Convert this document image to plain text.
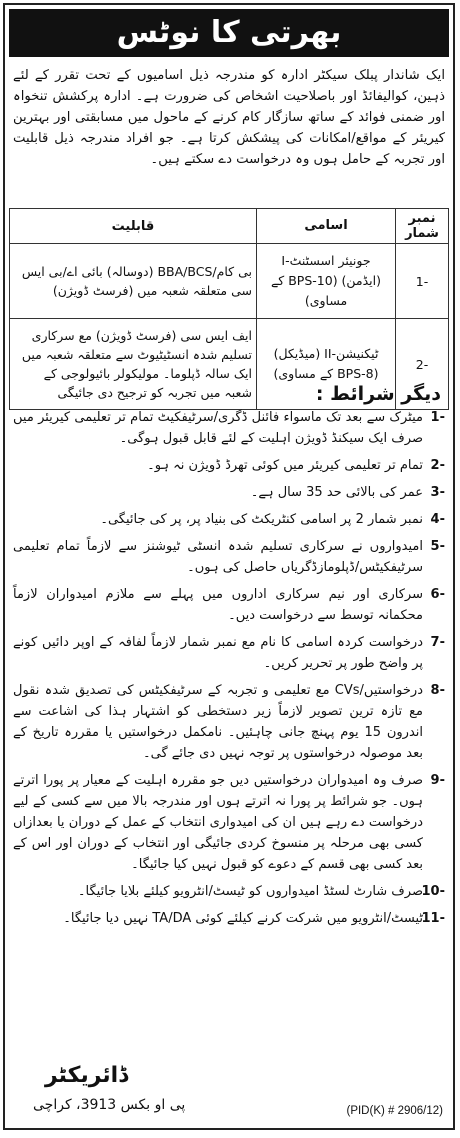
بھرتی کا نوٹس
ایک شاندار پبلک سیکٹر ادارہ کو مندرجہ ذیل اسامیوں کے تحت تقرر کے لئے ذہین، کوالیفائڈ اور باصلاحیت اشخاص کی ضرورت ہے۔ ادارہ پرکشش تنخواہ اور ضمنی فوائد کے ساتھ سازگار کام کرنے کے ماحول میں مسابقتی اور بہترین کیریئر کے مواقع/امکانات کی پیشکش کرتا ہے۔ جو افراد مندرجہ ذیل قابلیت اور تجربہ کے حامل ہوں وہ درخواست دے سکتے ہیں۔
نمبر شمار	اسامی	قابلیت
-1	جونیئر اسسٹنٹ-I (ایڈمن) (BPS-10 کے مساوی)	بی کام/BBA/BCS (دوسالہ) بائی اے/بی ایس سی متعلقہ شعبہ میں (فرسٹ ڈویژن)
-2	ٹیکنیشن-II (میڈیکل) (BPS-8 کے مساوی)	ایف ایس سی (فرسٹ ڈویژن) مع سرکاری تسلیم شدہ انسٹیٹیوٹ سے متعلقہ شعبہ میں ایک سالہ ڈپلوما۔ مولیکولر بائیولوجی کے شعبہ میں تجربہ کو ترجیح دی جائیگی	دیگر شرائط :
-1
میٹرک سے بعد تک ماسواء فائنل ڈگری/سرٹیفکیٹ تمام تر تعلیمی کیریئر میں صرف ایک سیکنڈ ڈویژن اہلیت کے لئے قابل قبول ہوگی۔
-2
تمام تر تعلیمی کیریئر میں کوئی تھرڈ ڈویژن نہ ہو۔
-3
عمر کی بالائی حد 35 سال ہے۔
-4
نمبر شمار 2 پر اسامی کنٹریکٹ کی بنیاد پر، پر کی جائیگی۔
-5
امیدواروں نے سرکاری تسلیم شدہ انسٹی ٹیوشنز سے لازماً تمام تعلیمی سرٹیفکیٹس/ڈپلومازڈگریاں حاصل کی ہوں۔
-6
سرکاری اور نیم سرکاری اداروں میں پہلے سے ملازم امیدواران لازماً محکمانہ توسط سے درخواست دیں۔
-7
درخواست کردہ اسامی کا نام مع نمبر شمار لازماً لفافہ کے اوپر دائیں کونے پر واضح طور پر تحریر کریں۔
-8
درخواستیں/CVs مع تعلیمی و تجربہ کے سرٹیفکیٹس کی تصدیق شدہ نقول مع تازہ ترین تصویر لازماً زیر دستخطی کو اشتہار ہذا کی اشاعت سے اندرون 15 یوم پہنچ جانی چاہئیں۔ نامکمل درخواستیں یا مقررہ تاریخ کے بعد موصولہ درخواستوں پر توجہ نہیں دی جائے گی۔
-9
صرف وہ امیدواران درخواستیں دیں جو مقررہ اہلیت کے معیار پر پورا اترتے ہوں۔ جو شرائط پر پورا نہ اترتے ہوں اور مندرجہ بالا میں سے کسی کے لیے درخواست دے رہے ہیں ان کی امیدواری انتخاب کے عمل کے دوران یا بعدازاں کسی بھی مرحلہ پر منسوخ کردی جائیگی اور انتخاب کے دوران اور اس کے بعد کسی بھی قسم کے دعوے کو قبول نہیں کیا جائیگا۔
-10
صرف شارٹ لسٹڈ امیدواروں کو ٹیسٹ/انٹرویو کیلئے بلایا جائیگا۔
-11
ٹیسٹ/انٹرویو میں شرکت کرنے کیلئے کوئی TA/DA نہیں دیا جائیگا۔
ڈائریکٹر
پی او بکس 3913، کراچی	(PID(K) # 2906/12)
